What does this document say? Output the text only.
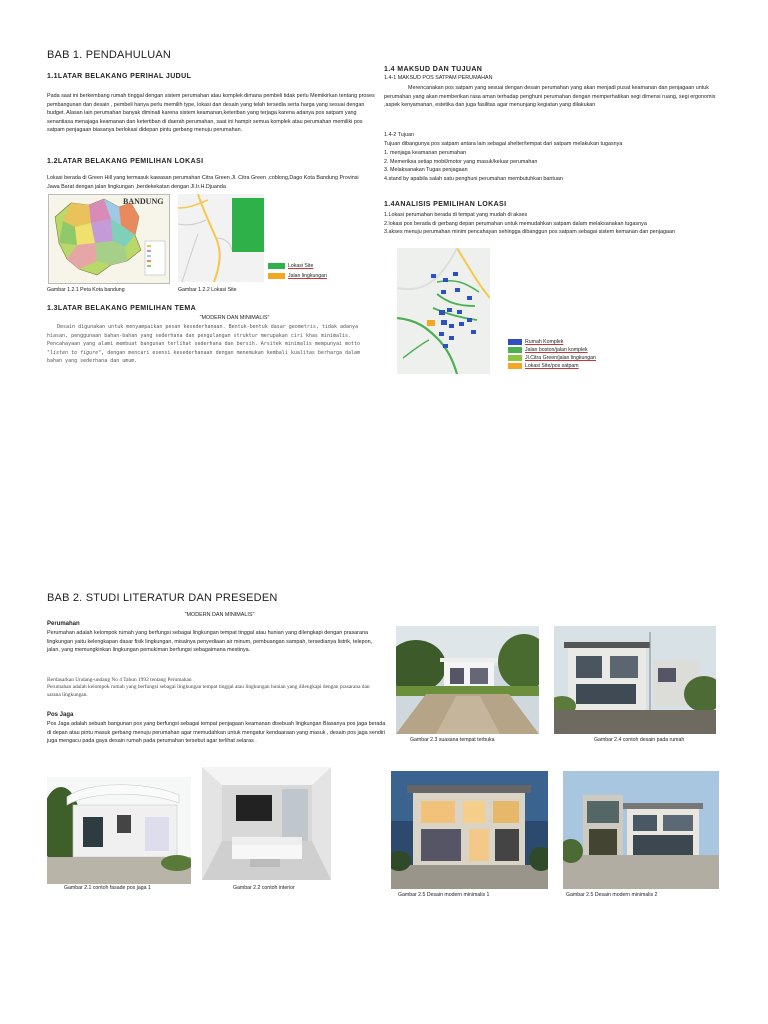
BAB 1. PENDAHULUAN
1.1LATAR BELAKANG PERIHAL JUDUL
Pada saat ini berkembang rumah tinggal dengan sistem perumahan atau komplek dimana pembeli tidak perlu Memikirkan tentang proses pembangunan dan desain , pembeli hanya perlu memilih type, lokasi dan desain yang telah tersedia serta harga yang sesuai dengan budget. Alasan lain perumahan banyak diminati karena sistem keamanan,keteriban yang terjaga karena adanya pos satpam yang senantiasa menajaga keamanan dan ketertiban di daerah perumahan, saat ini hampir semua komplek atau perumahan memiliki pos satpam penjagaan biasanya berlokasi didepan pintu gerbang menuju perumahan.
1.2LATAR BELAKANG PEMILIHAN LOKASI
Lokasi berada di Green Hill yang termasuk kawasan perumahan Citra Green Jl. Citra Green ,coblong,Dago Kota Bandung Provinsi Jawa Barat dengan jalan lingkungan ,berdekekatan dengan Jl.Ir.H.Djuanda
BANDUNG
Gambar 1.2.1 Peta Kota bandung	Gambar 1.2.2 Lokasi Site
Lokasi Site
Jalan lingkungan
1.3LATAR BELAKANG PEMILIHAN TEMA
"MODERN DAN MINIMALIS"
Desain digunakan untuk menyampaikan pesan kesederhanaan. Bentuk-bentuk dasar geometris, tidak adanya hiasan, penggunaan bahan-bahan yang sederhana dan pengulangan struktur merupakan ciri khas minimalis. Pencahayaan yang alami membuat bangunan terlihat sederhana dan bersih. Arsitek minimalis mempunyai motto "listen to figure", dengan mencari esensi kesederhanaan dengan menemukan kembali kualitas berharga dalam bahan yang sederhana dan umum.
1.4 MAKSUD DAN TUJUAN
1.4-1 MAKSUD POS SATPAM PERUMAHAN
Merencanakan pos satpam yang sesuai dengan desain perumahan yang akan menjadi pusat keamanan dan penjagaan untuk perumahan yang akan memberikan rasa aman terhadap penghuni perumahan dengan memperhatikan segi dimensi ruang, segi ergonomis ,aspek kenyamanan, estetika dan juga fasilitas agar menunjang kegiatan yang dilakukan
1.4-2 Tujuan
Tujuan dibangunya pos satpam antara lain sebagai shelter/tempat dari satpam melakukan tugasnya
1. menjaga keamanan perumahan
2. Memeriksa setiap mobil/motor yang masuk/keluar perumahan
3. Melaksanakan Tugas penjagaan
4.stand by apabila salah satu penghuni perumahan membutuhkan bantuan
1.4ANALISIS PEMILIHAN LOKASI
1.Lokasi perumahan berada di tempat yang mudah di akses
2.lokasi pos berada di gerbang depan perumahan untuk memudahkan satpam dalam melaksanakan tugasnya
3.akses menuju perumahan minim pencahayan sehingga dibanggun pos satpam sebagai sistem kemanan dan penjagaan
Rumah Komplek
Jalan boston/jalan komplek
Jl.Citra Green/jalan lingkungan
Lokasi Site/pos satpam
BAB 2. STUDI LITERATUR DAN PRESEDEN
"MODERN DAN MINIMALIS"
Perumahan
Perumahan adalah kelompok rumah yang berfungsi sebagai lingkungan tempat tinggal atau hunian yang dilengkapi dengan prasarana lingkungan yaitu kelengkapan dasar fisik lingkungan, misalnya penyediaan air minum, pembuangan sampah, tersedianya listrik, telepon, jalan, yang memungkinkan lingkungan pemukiman berfungsi sebagaimana mestinya.
Berdasarkan Undang-undang No 4 Tahun 1992 tentang Perumahan
Perumahan adalah kelompok rumah yang berfungsi sebagai lingkungan tempat tinggal atau lingkungan hunian yang dilengkapi dengan prasarana dan sarana lingkungan.
Pos Jaga
Pos Jaga adalah sebuah bangunan pos yang berfungsi sebagai tempat penjagaan keamanan disebuah lingkungan Biasanya pos jaga berada di depan atau pintu masuk gerbang menuju perumahan agar memudahkan untuk mengatur kendaaraan yang masuk , desain pos jaga sendiri juga mengacu pada gaya desain rumah pada perumahan tersebut agar terlihat selaras .	Gambar 2.3 suasana tempat terbuka	Gambar 2.4 contoh desain pada rumah
Gambar 2.1 contoh fasade pos jaga 1	Gambar 2.2 contoh interior
Gambar 2.5 Desain modern minimalis 1	Gambar 2.5 Desain modern minimalis 2
